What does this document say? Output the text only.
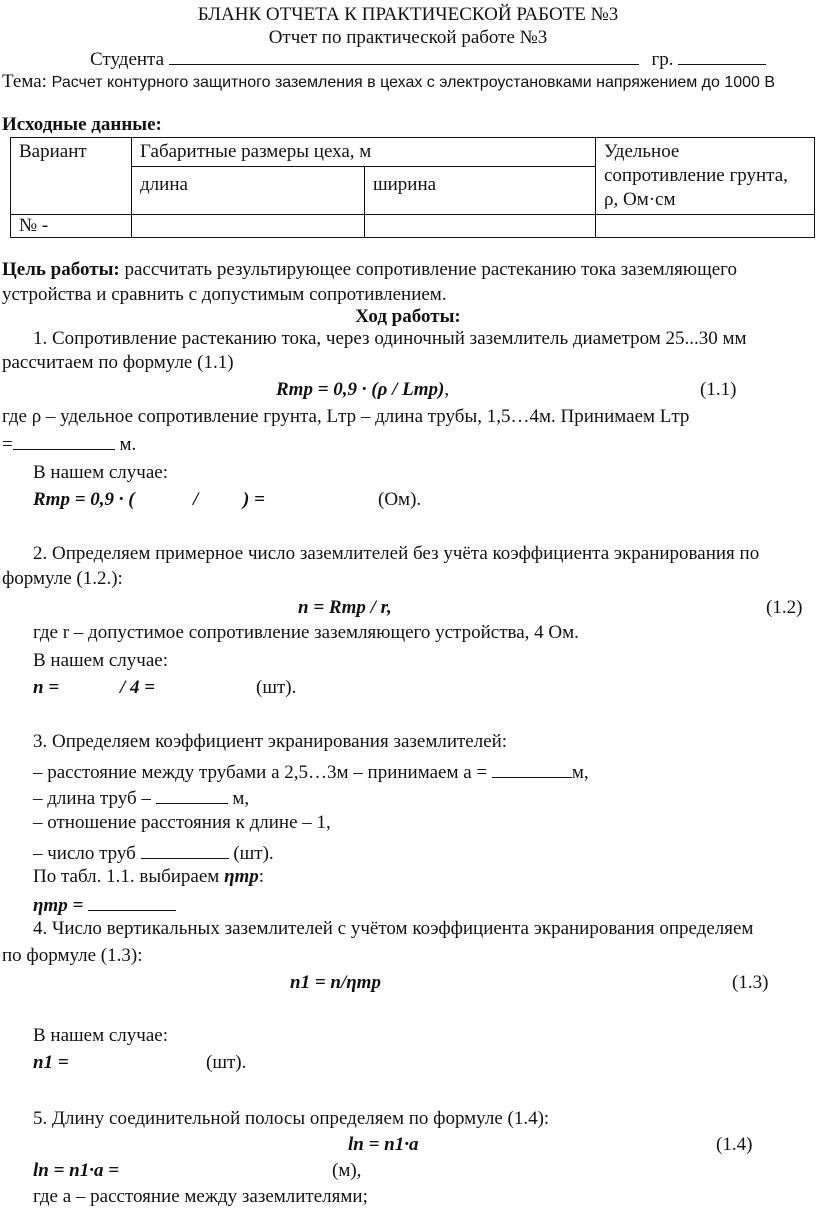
БЛАНК ОТЧЕТА К ПРАКТИЧЕСКОЙ РАБОТЕ №3
Отчет по практической работе №3
Студента	гр.
Тема: Расчет контурного защитного заземления в цехах с электроустановками напряжением до 1000 В
Исходные данные:
Вариант	Габаритные размеры цеха, м		Удельное
сопротивление грунта,
ρ, Ом·см

	длина	ширина	
№ -			
Цель работы: рассчитать результирующее сопротивление растеканию тока заземляющего
устройства и сравнить с допустимым сопротивлением.
Ход работы:
1. Сопротивление растеканию тока, через одиночный заземлитель диаметром 25...30 мм
рассчитаем по формуле (1.1)
Rтр = 0,9 · (ρ / Lтр),	(1.1)
где ρ – удельное сопротивление грунта, Lтр – длина трубы, 1,5…4м. Принимаем Lтр
=	м.
В нашем случае:
Rтр = 0,9 · (	/ ) =	(Ом).
2. Определяем примерное число заземлителей без учёта коэффициента экранирования по
формуле (1.2.):
n = Rтр / r,	(1.2)
где r – допустимое сопротивление заземляющего устройства, 4 Ом.
В нашем случае:
n =	/ 4 =	(шт).
3. Определяем коэффициент экранирования заземлителей:
– расстояние между трубами a 2,5…3м – принимаем a =	м,
– длина труб –	м,
– отношение расстояния к длине – 1,
– число труб	(шт).
По табл. 1.1. выбираем ηтр:
ηтр =
4. Число вертикальных заземлителей с учётом коэффициента экранирования определяем
по формуле (1.3):
n1 = n/ηтр	(1.3)
В нашем случае:
n1 =	(шт).
5. Длину соединительной полосы определяем по формуле (1.4):
lп = n1·a	(1.4)
lп = n1·a =	(м),
где a – расстояние между заземлителями;
